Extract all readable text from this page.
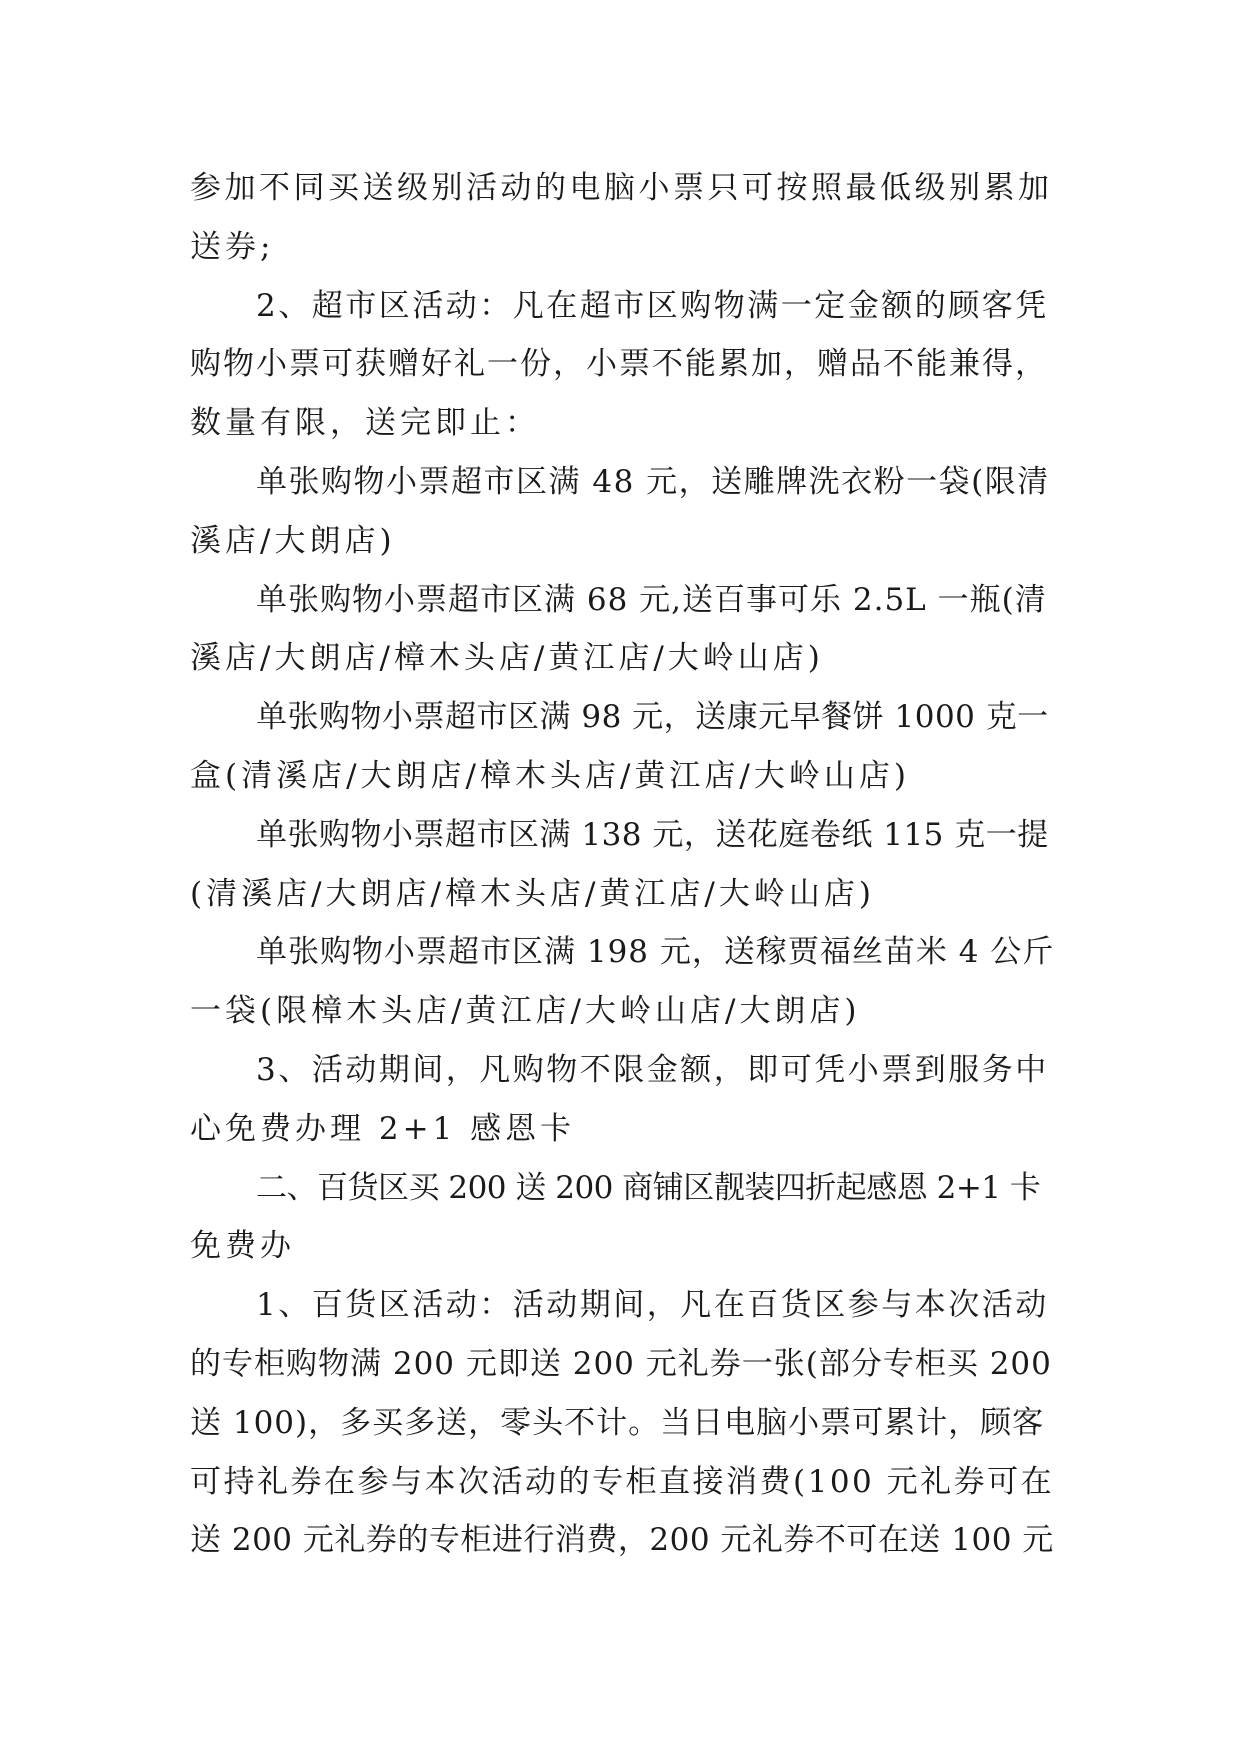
参加不同买送级别活动的电脑小票只可按照最低级别累加
送券;
2、超市区活动：凡在超市区购物满一定金额的顾客凭
购物小票可获赠好礼一份，小票不能累加，赠品不能兼得，
数量有限，送完即止：
单张购物小票超市区满 48 元，送雕牌洗衣粉一袋(限清
溪店/大朗店)
单张购物小票超市区满 68 元,送百事可乐 2.5L 一瓶(清
溪店/大朗店/樟木头店/黄江店/大岭山店)
单张购物小票超市区满 98 元，送康元早餐饼 1000 克一
盒(清溪店/大朗店/樟木头店/黄江店/大岭山店)
单张购物小票超市区满 138 元，送花庭卷纸 115 克一提
(清溪店/大朗店/樟木头店/黄江店/大岭山店)
单张购物小票超市区满 198 元，送稼贾福丝苗米 4 公斤
一袋(限樟木头店/黄江店/大岭山店/大朗店)
3、活动期间，凡购物不限金额，即可凭小票到服务中
心免费办理 2+1 感恩卡
二、百货区买 200 送 200 商铺区靓装四折起感恩 2+1 卡
免费办
1、百货区活动：活动期间，凡在百货区参与本次活动
的专柜购物满 200 元即送 200 元礼券一张(部分专柜买 200
送 100)，多买多送，零头不计。当日电脑小票可累计，顾客
可持礼券在参与本次活动的专柜直接消费(100 元礼券可在
送 200 元礼券的专柜进行消费，200 元礼券不可在送 100 元
